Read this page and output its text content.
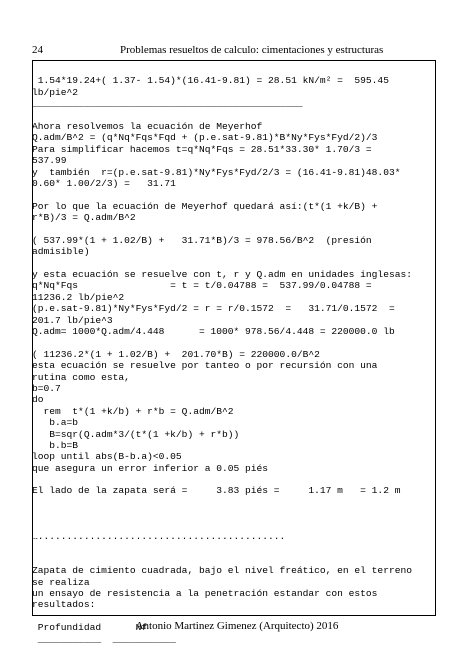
24	Problemas resueltos de calculo: cimentaciones y estructuras
1.54*19.24+( 1.37- 1.54)*(16.41-9.81) = 28.51 kN/m² =  595.45
lb/pie^2
_______________________________________________
Ahora resolvemos la ecuación de Meyerhof
Q.adm/B^2 = (q*Nq*Fqs*Fqd + (p.e.sat-9.81)*B*Ny*Fys*Fyd/2)/3
Para simplificar hacemos t=q*Nq*Fqs = 28.51*33.30* 1.70/3 =
537.99
y  también  r=(p.e.sat-9.81)*Ny*Fys*Fyd/2/3 = (16.41-9.81)48.03*
0.60* 1.00/2/3) =   31.71
Por lo que la ecuación de Meyerhof quedará así:(t*(1 +k/B) +
r*B)/3 = Q.adm/B^2
( 537.99*(1 + 1.02/B) +   31.71*B)/3 = 978.56/B^2  (presión
admisible)
y esta ecuación se resuelve con t, r y Q.adm en unidades inglesas:
q*Nq*Fqs                = t = t/0.04788 =  537.99/0.04788 =
11236.2 lb/pie^2
(p.e.sat-9.81)*Ny*Fys*Fyd/2 = r = r/0.1572  =   31.71/0.1572  =
201.7 lb/pie^3
Q.adm= 1000*Q.adm/4.448      = 1000* 978.56/4.448 = 220000.0 lb
( 11236.2*(1 + 1.02/B) +  201.70*B) = 220000.0/B^2
esta ecuación se resuelve por tanteo o por recursión con una
rutina como esta,
b=0.7
do
rem  t*(1 +k/b) + r*b = Q.adm/B^2
b.a=b
B=sqr(Q.adm*3/(t*(1 +k/b) + r*b))
b.b=B
loop until abs(B-b.a)<0.05
que asegura un error inferior a 0.05 piés
El lado de la zapata será =     3.83 piés =     1.17 m   = 1.2 m
…...........................................
Zapata de cimiento cuadrada, bajo el nivel freático, en el terreno
se realiza
un ensayo de resistencia a la penetración estandar con estos
resultados:
Profundidad      Nf
___________  ___________
Antonio Martinez Gimenez (Arquitecto) 2016
